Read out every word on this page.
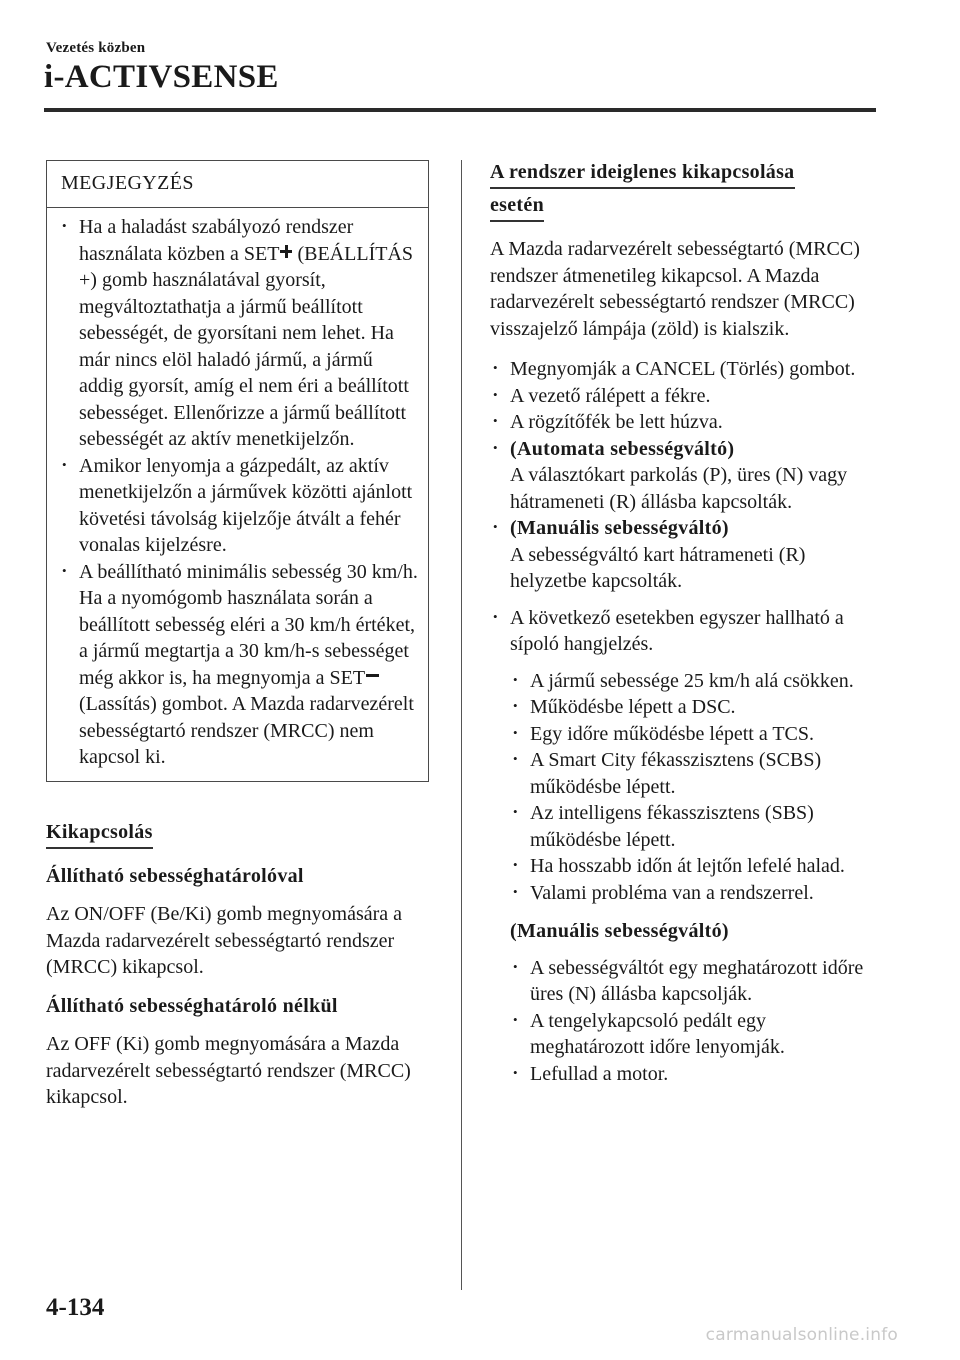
Vezetés közben
i-ACTIVSENSE
MEGJEGYZÉS

• Ha a haladást szabályozó rendszer használata közben a SET (BEÁLLÍTÁS +) gomb használatával gyorsít, megváltoztathatja a jármű beállított sebességét, de gyorsítani nem lehet. Ha már nincs elöl haladó jármű, a jármű addig gyorsít, amíg el nem éri a beállított sebességet. Ellenőrizze a jármű beállított sebességét az aktív menetkijelzőn.

• Amikor lenyomja a gázpedált, az aktív menetkijelzőn a járművek közötti ajánlott követési távolság kijelzője átvált a fehér vonalas kijelzésre.

• A beállítható minimális sebesség 30 km/h. Ha a nyomógomb használata során a beállított sebesség eléri a 30 km/h értéket, a jármű megtartja a 30 km/h-s sebességet még akkor is, ha megnyomja a SET (Lassítás) gombot. A Mazda radarvezérelt sebességtartó rendszer (MRCC) nem kapcsol ki.

Kikapcsolás

Állítható sebességhatárolóval

Az ON/OFF (Be/Ki) gomb megnyomására a Mazda radarvezérelt sebességtartó rendszer (MRCC) kikapcsol.

Állítható sebességhatároló nélkül

Az OFF (Ki) gomb megnyomására a Mazda radarvezérelt sebességtartó rendszer (MRCC) kikapcsol.

A rendszer ideiglenes kikapcsolása
esetén

A Mazda radarvezérelt sebességtartó (MRCC) rendszer átmenetileg kikapcsol. A Mazda radarvezérelt sebességtartó rendszer (MRCC) visszajelző lámpája (zöld) is kialszik.

• Megnyomják a CANCEL (Törlés) gombot.

• A vezető rálépett a fékre.

• A rögzítőfék be lett húzva.

• (Automata sebességváltó)
A választókart parkolás (P), üres (N) vagy hátrameneti (R) állásba kapcsolták.

• (Manuális sebességváltó)
A sebességváltó kart hátrameneti (R) helyzetbe kapcsolták.

• A következő esetekben egyszer hallható a sípoló hangjelzés.

• A jármű sebessége 25 km/h alá csökken.

• Működésbe lépett a DSC.

• Egy időre működésbe lépett a TCS.

• A Smart City fékasszisztens (SCBS) működésbe lépett.

• Az intelligens fékasszisztens (SBS) működésbe lépett.

• Ha hosszabb időn át lejtőn lefelé halad.

• Valami probléma van a rendszerrel.

(Manuális sebességváltó)

• A sebességváltót egy meghatározott időre üres (N) állásba kapcsolják.

• A tengelykapcsoló pedált egy meghatározott időre lenyomják.

• Lefullad a motor.

4-134
carmanualsonline.info
